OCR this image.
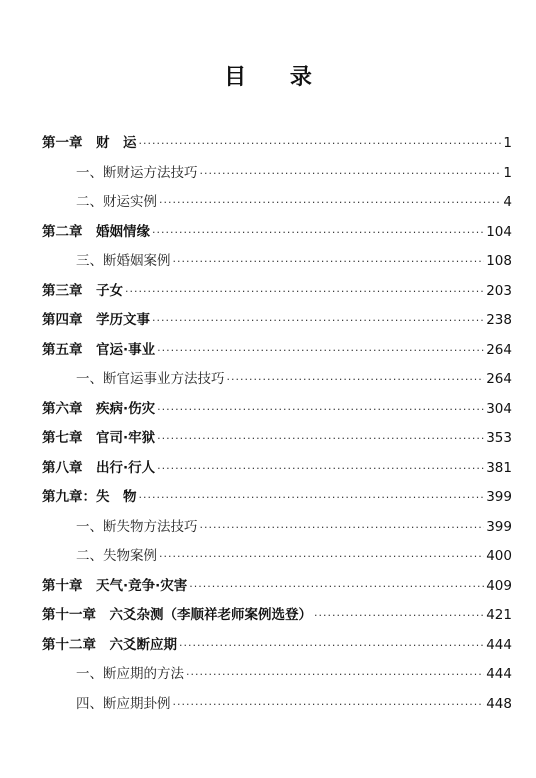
目 录
第一章　财　运 ·····	1
一、断财运方法技巧 ·····	1
二、财运实例 ·····	4
第二章　婚姻情缘 ·····	104
三、断婚姻案例 ·····	108
第三章　子女 ·····	203
第四章　学历文事 ·····	238
第五章　官运·事业 ·····	264
一、断官运事业方法技巧 ·····	264
第六章　疾病·伤灾 ·····	304
第七章　官司·牢狱 ·····	353
第八章　出行·行人 ·····	381
第九章：失　物 ·····	399
一、断失物方法技巧 ·····	399
二、失物案例 ·····	400
第十章　天气·竞争·灾害 ·····	409
第十一章　六爻杂测（李顺祥老师案例选登） ·····	421
第十二章　六爻断应期 ·····	444
一、断应期的方法 ·····	444
四、断应期卦例 ·····	448
